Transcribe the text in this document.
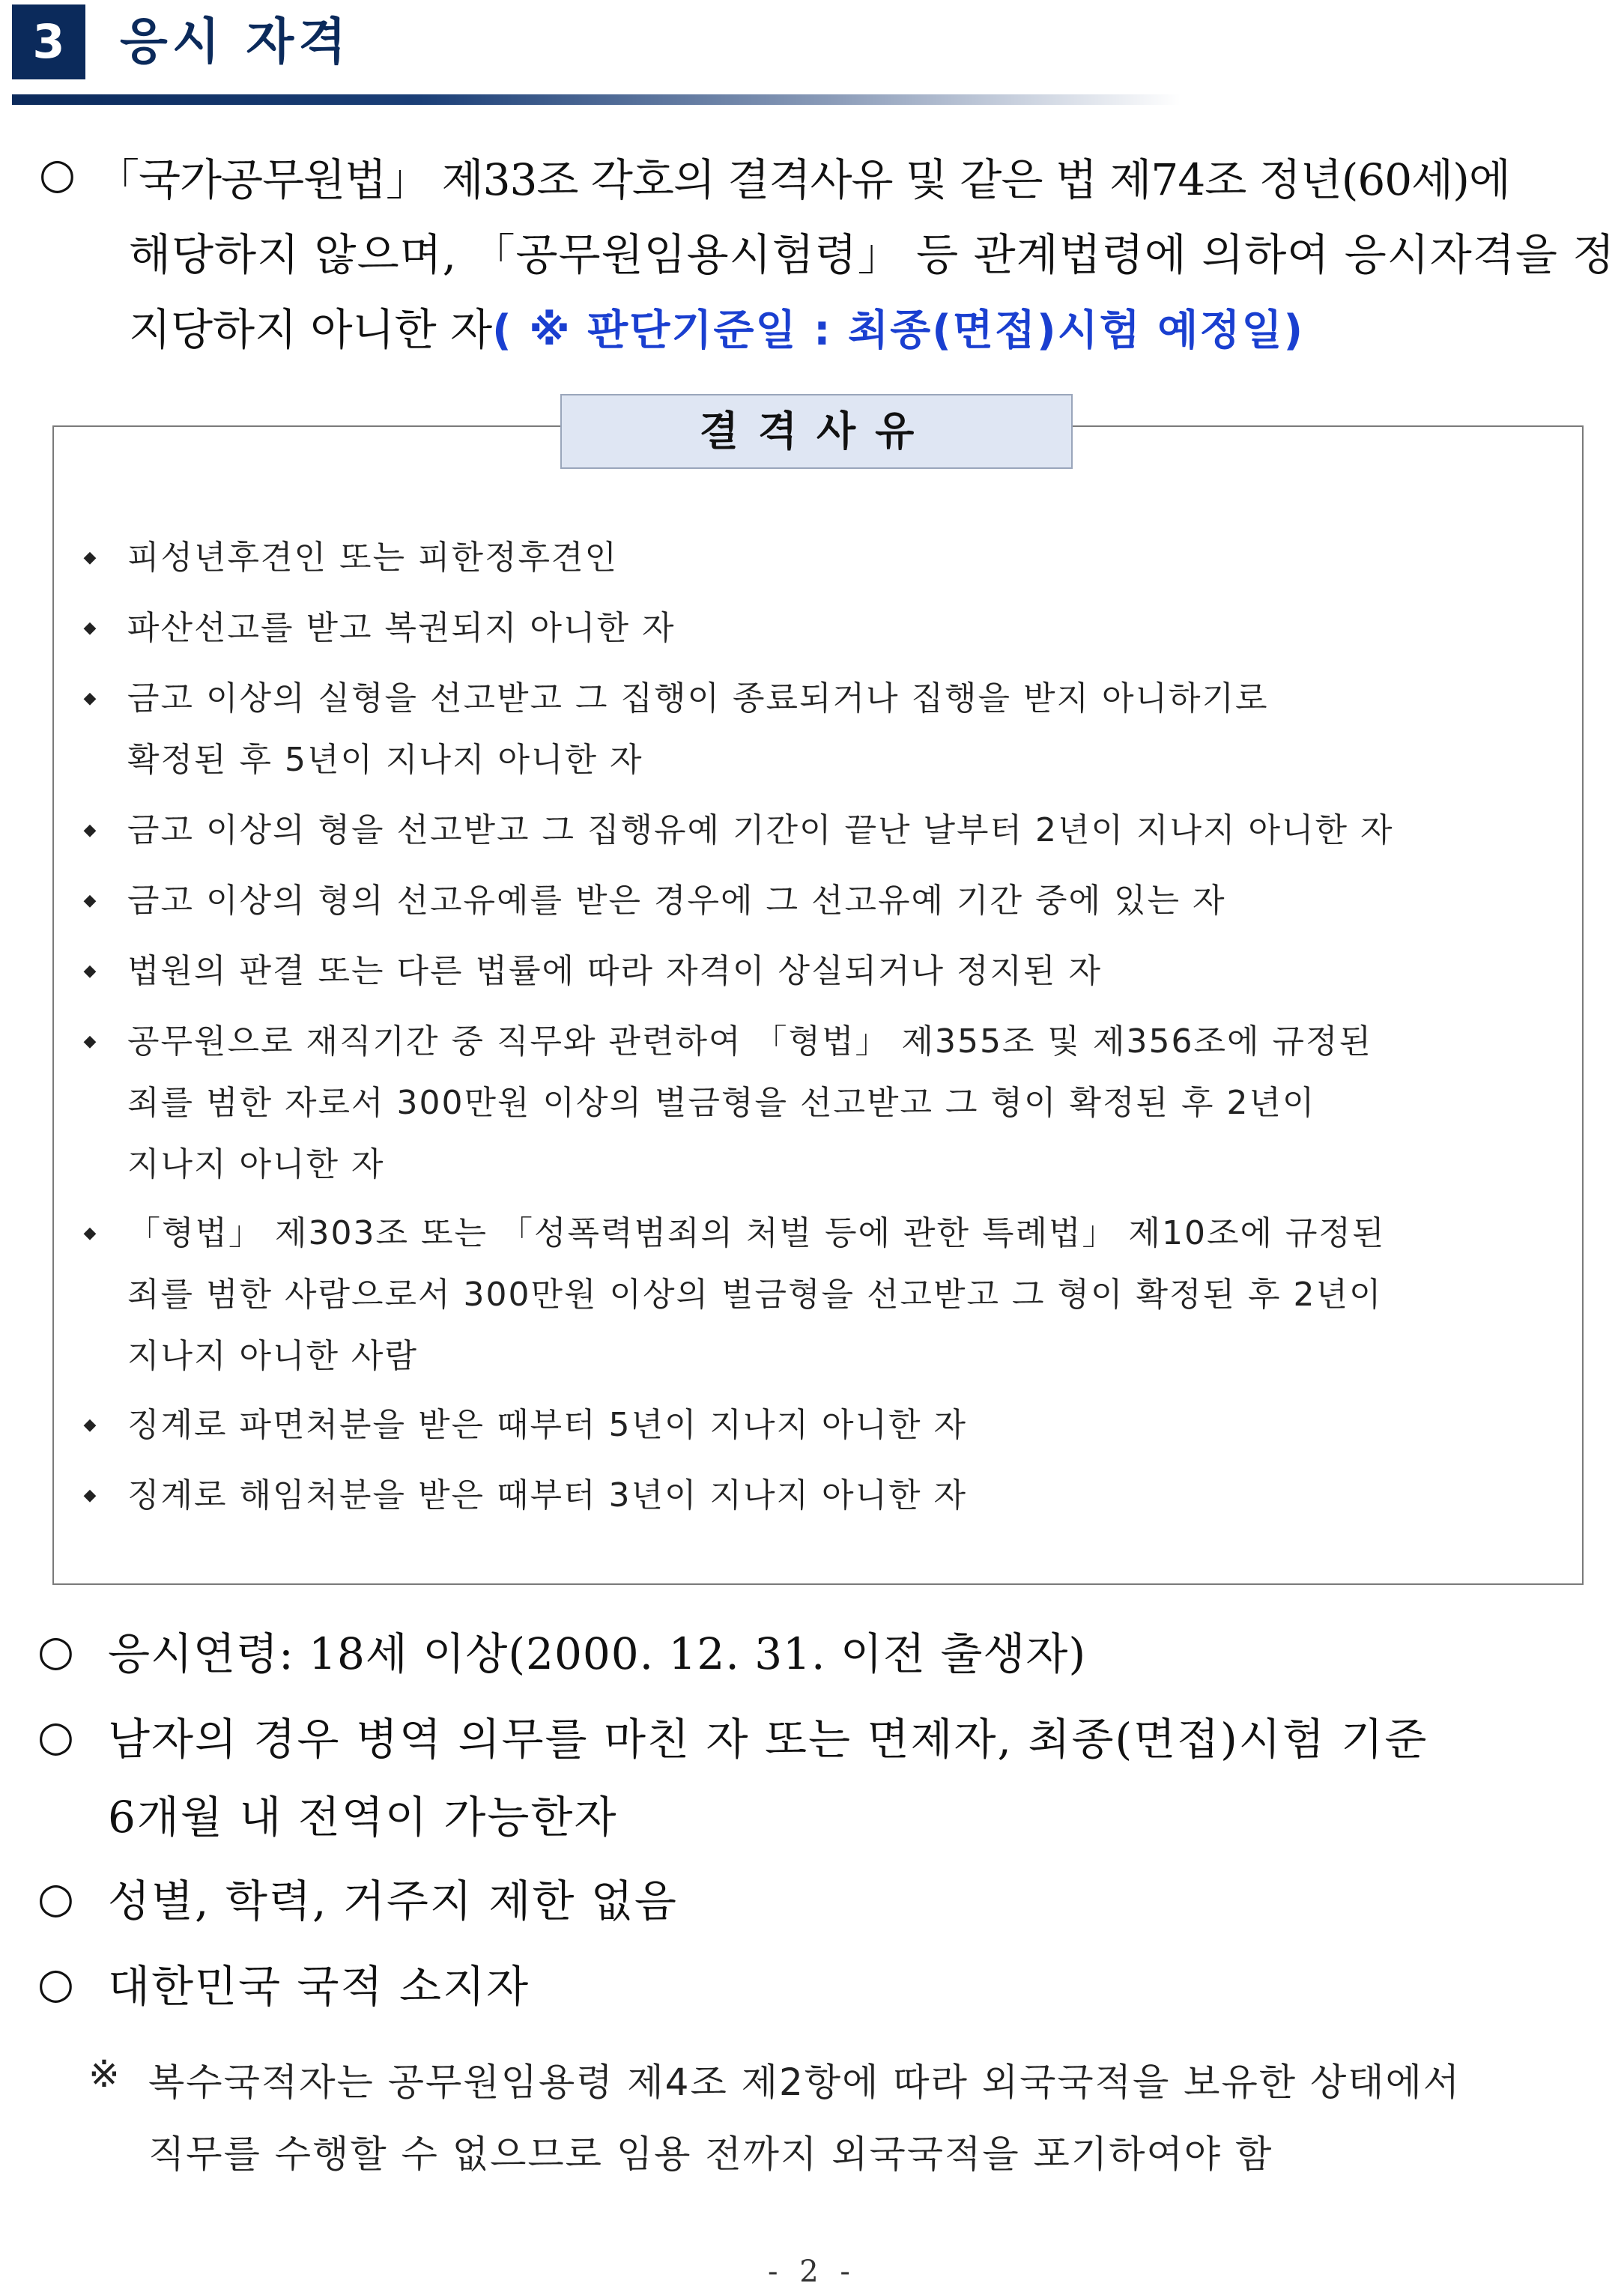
3	응시 자격
○ 「국가공무원법」 제33조 각호의 결격사유 및 같은 법 제74조 정년(60세)에
해당하지 않으며, 「공무원임용시험령」 등 관계법령에 의하여 응시자격을 정
지당하지 아니한 자( ※ 판단기준일 : 최종(면접)시험 예정일)
결격사유
◆ 피성년후견인 또는 피한정후견인
◆ 파산선고를 받고 복권되지 아니한 자
◆ 금고 이상의 실형을 선고받고 그 집행이 종료되거나 집행을 받지 아니하기로
확정된 후 5년이 지나지 아니한 자
◆ 금고 이상의 형을 선고받고 그 집행유예 기간이 끝난 날부터 2년이 지나지 아니한 자
◆ 금고 이상의 형의 선고유예를 받은 경우에 그 선고유예 기간 중에 있는 자
◆ 법원의 판결 또는 다른 법률에 따라 자격이 상실되거나 정지된 자
◆ 공무원으로 재직기간 중 직무와 관련하여 「형법」 제355조 및 제356조에 규정된
죄를 범한 자로서 300만원 이상의 벌금형을 선고받고 그 형이 확정된 후 2년이
지나지 아니한 자
◆ 「형법」 제303조 또는 「성폭력범죄의 처벌 등에 관한 특례법」 제10조에 규정된
죄를 범한 사람으로서 300만원 이상의 벌금형을 선고받고 그 형이 확정된 후 2년이
지나지 아니한 사람
◆ 징계로 파면처분을 받은 때부터 5년이 지나지 아니한 자
◆ 징계로 해임처분을 받은 때부터 3년이 지나지 아니한 자
○ 응시연령: 18세 이상(2000. 12. 31. 이전 출생자)
○ 남자의 경우 병역 의무를 마친 자 또는 면제자, 최종(면접)시험 기준
6개월 내 전역이 가능한자
○ 성별, 학력, 거주지 제한 없음
○ 대한민국 국적 소지자
※ 복수국적자는 공무원임용령 제4조 제2항에 따라 외국국적을 보유한 상태에서
직무를 수행할 수 없으므로 임용 전까지 외국국적을 포기하여야 함
- 2 -
